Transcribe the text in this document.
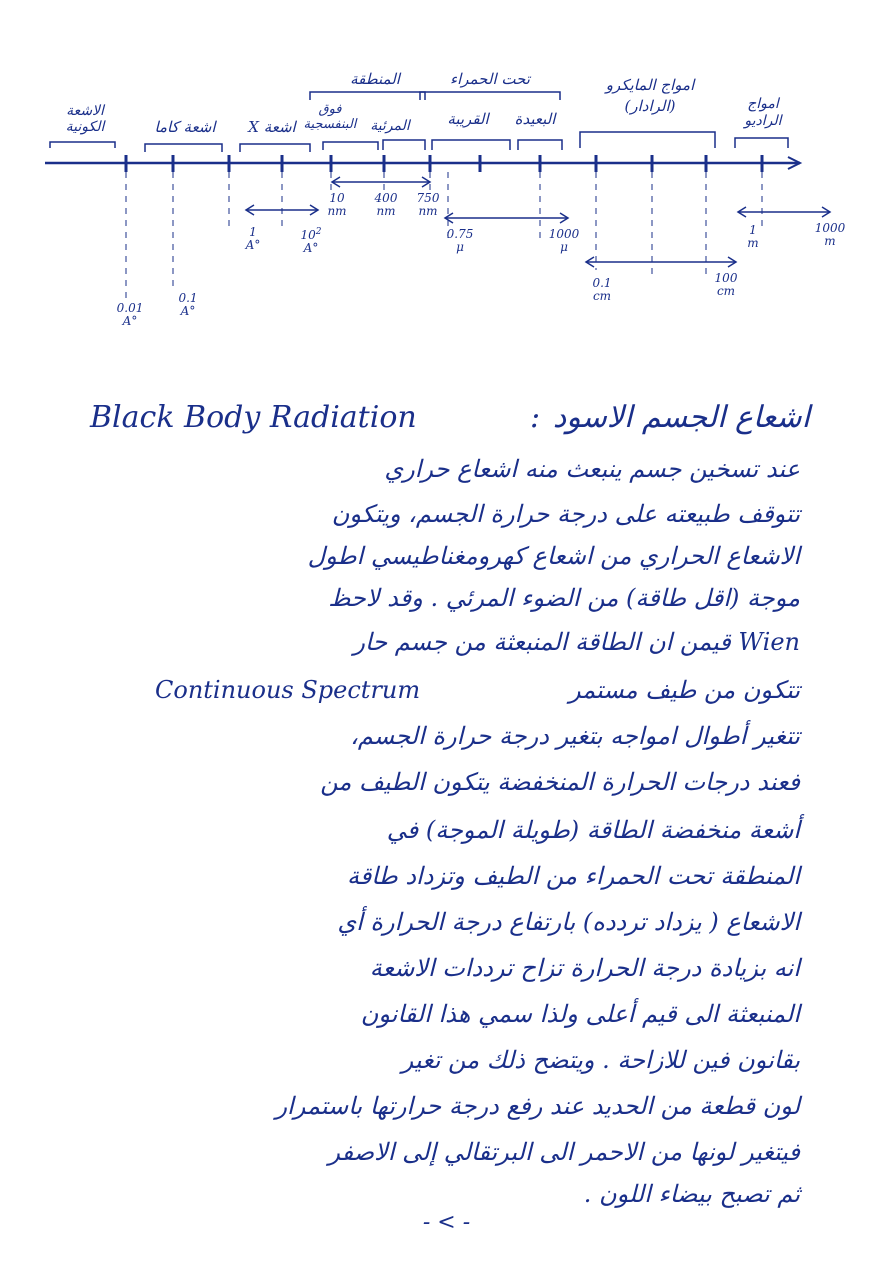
المنطقة	تحت الحمراء	امواج المايكرو
(الرادار)
الاشعة الكونية	اشعة كاما	اشعة X
فوق البنفسجية المرئية	القريبة	البعيدة
امواج الراديو
0.01
A°
0.1
A°
1
A°
$10^2$
A°
10
nm
400
nm
750
nm
0.75
μ
1000
μ
0.1
cm
100
cm
1
m
1000
m
Black Body Radiation	: اشعاع الجسم الاسود
عند تسخين جسم ينبعث منه اشعاع حراري
تتوقف طبيعته على درجة حرارة الجسم، ويتكون
الاشعاع الحراري من اشعاع كهرومغناطيسي اطول
موجة (اقل طاقة) من الضوء المرئي . وقد لاحظ
Wien قيمن ان الطاقة المنبعثة من جسم حار
تتكون من طيف مستمر
Continuous Spectrum
تتغير أطوال امواجه بتغير درجة حرارة الجسم،
فعند درجات الحرارة المنخفضة يتكون الطيف من
أشعة منخفضة الطاقة (طويلة الموجة) في
المنطقة تحت الحمراء من الطيف وتزداد طاقة
الاشعاع ( يزداد تردده) بارتفاع درجة الحرارة أي
انه بزيادة درجة الحرارة تزاح ترددات الاشعة
المنبعثة الى قيم أعلى ولذا سمي هذا القانون
بقانون فين للازاحة . ويتضح ذلك من تغير
لون قطعة من الحديد عند رفع درجة حرارتها باستمرار
فيتغير لونها من الاحمر الى البرتقالي إلى الاصفر
ثم تصبح بيضاء اللون .
- < -
